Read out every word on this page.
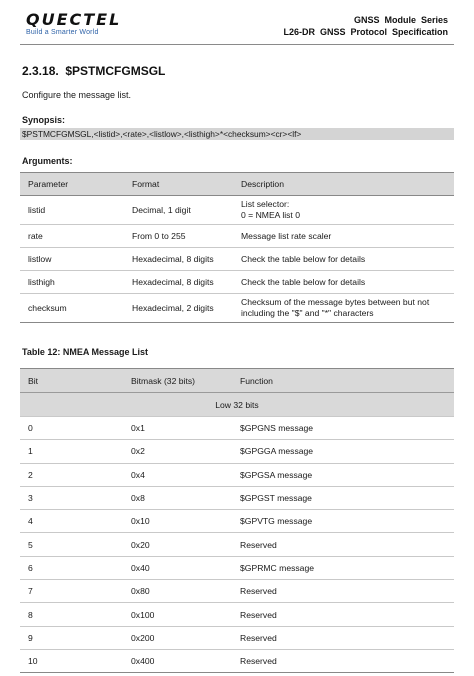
QUECTEL
Build a Smarter World
GNSS  Module  Series
L26-DR  GNSS  Protocol  Specification
2.3.18.  $PSTMCFGMSGL
Configure the message list.
Synopsis:
$PSTMCFGMSGL,<listid>,<rate>,<listlow>,<listhigh>*<checksum><cr><lf>
Arguments:
Parameter	Format	Description
listid	Decimal, 1 digit	List selector:
0 = NMEA list 0

rate	From 0 to 255	Message list rate scaler
listlow	Hexadecimal, 8 digits	Check the table below for details
listhigh	Hexadecimal, 8 digits	Check the table below for details
checksum	Hexadecimal, 2 digits	Checksum of the message bytes between but not
including the "$" and "*" characters
Table 12: NMEA Message List
Bit	Bitmask (32 bits)	Function
Low 32 bits		
0	0x1	$GPGNS message
1	0x2	$GPGGA message
2	0x4	$GPGSA message
3	0x8	$GPGST message
4	0x10	$GPVTG message
5	0x20	Reserved
6	0x40	$GPRMC message
7	0x80	Reserved
8	0x100	Reserved
9	0x200	Reserved
10	0x400	Reserved
